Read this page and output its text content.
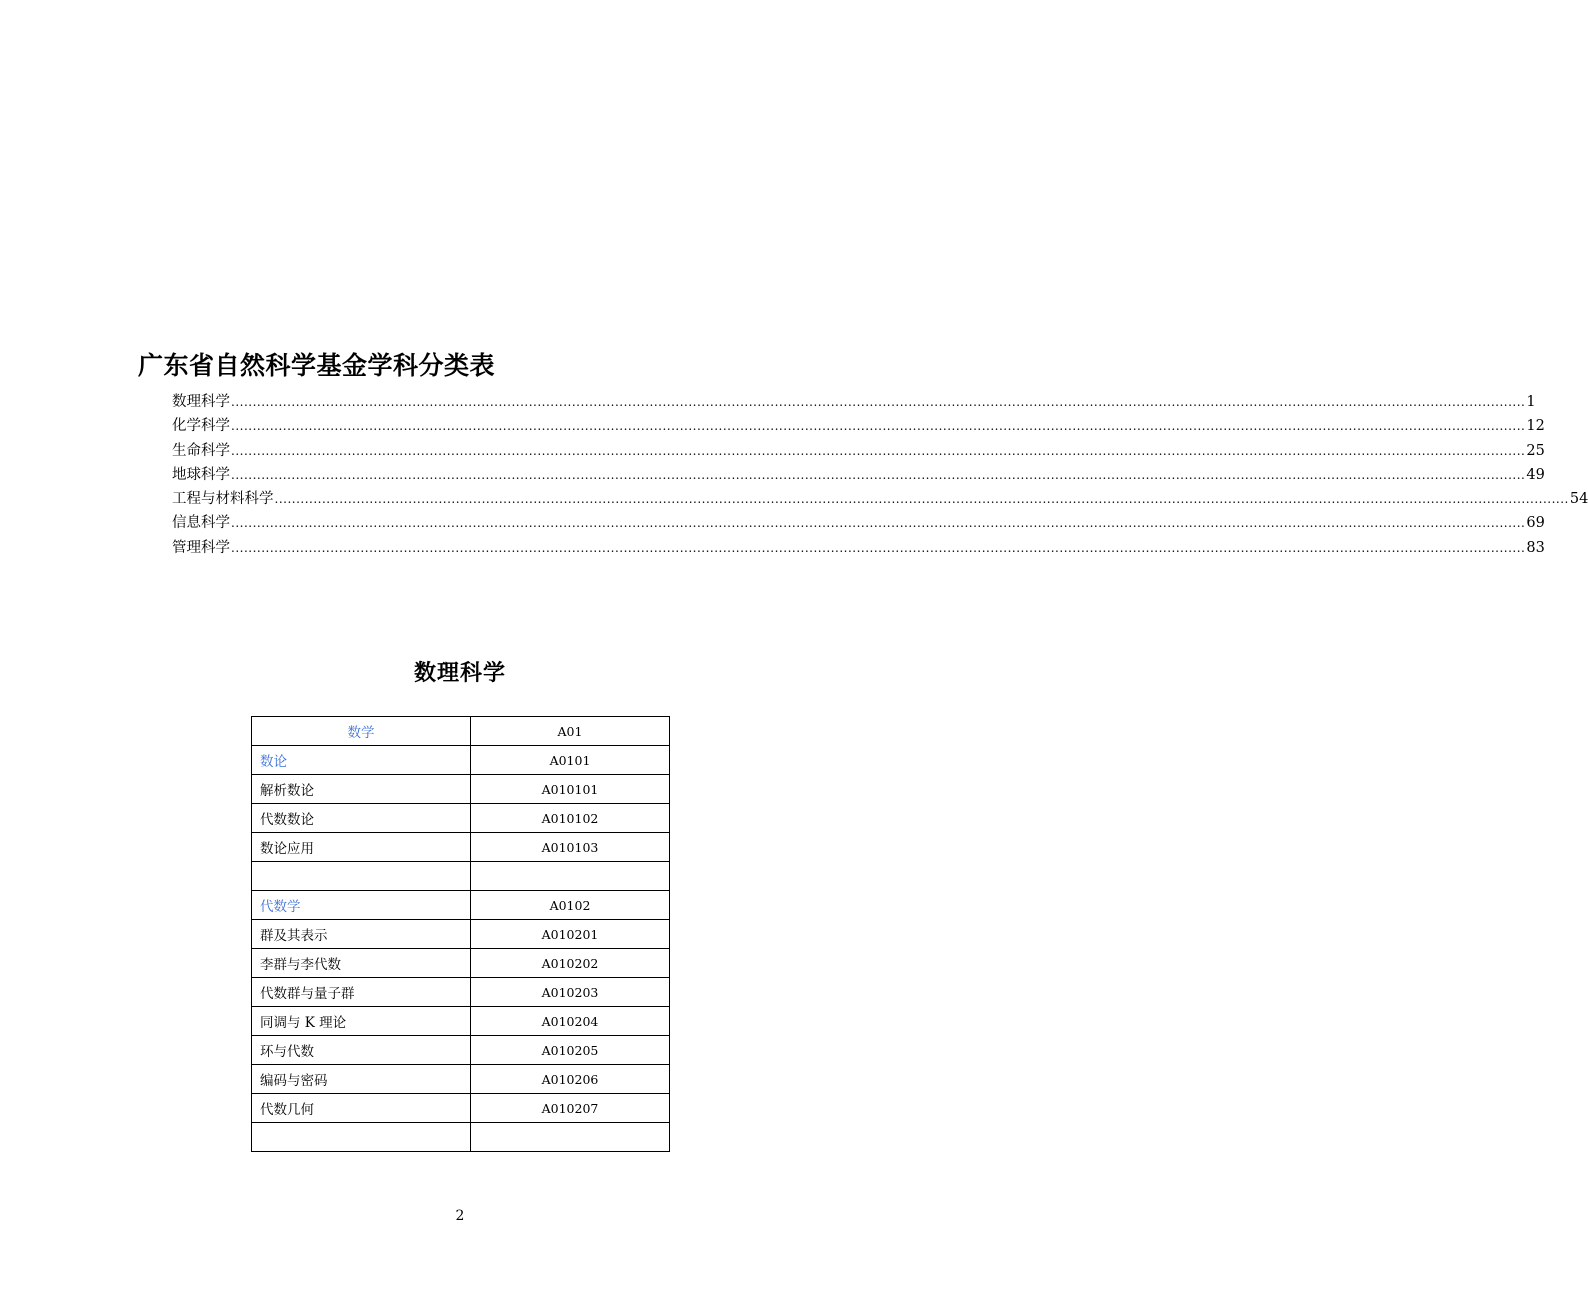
广东省自然科学基金学科分类表
数理科学 ............................................................................................................................................................................................................................................................................................................ 1
化学科学 ............................................................................................................................................................................................................................................................................................................ 12
生命科学 ............................................................................................................................................................................................................................................................................................................ 25
地球科学 ............................................................................................................................................................................................................................................................................................................ 49
工程与材料科学 ............................................................................................................................................................................................................................................................................................................ 54
信息科学 ............................................................................................................................................................................................................................................................................................................ 69
管理科学 ............................................................................................................................................................................................................................................................................................................ 83
数理科学
数学	A01
数论	A0101
解析数论	A010101
代数数论	A010102
数论应用	A010103

代数学	A0102
群及其表示	A010201
李群与李代数	A010202
代数群与量子群	A010203
同调与 K 理论	A010204
环与代数	A010205
编码与密码	A010206
代数几何	A010207

2
